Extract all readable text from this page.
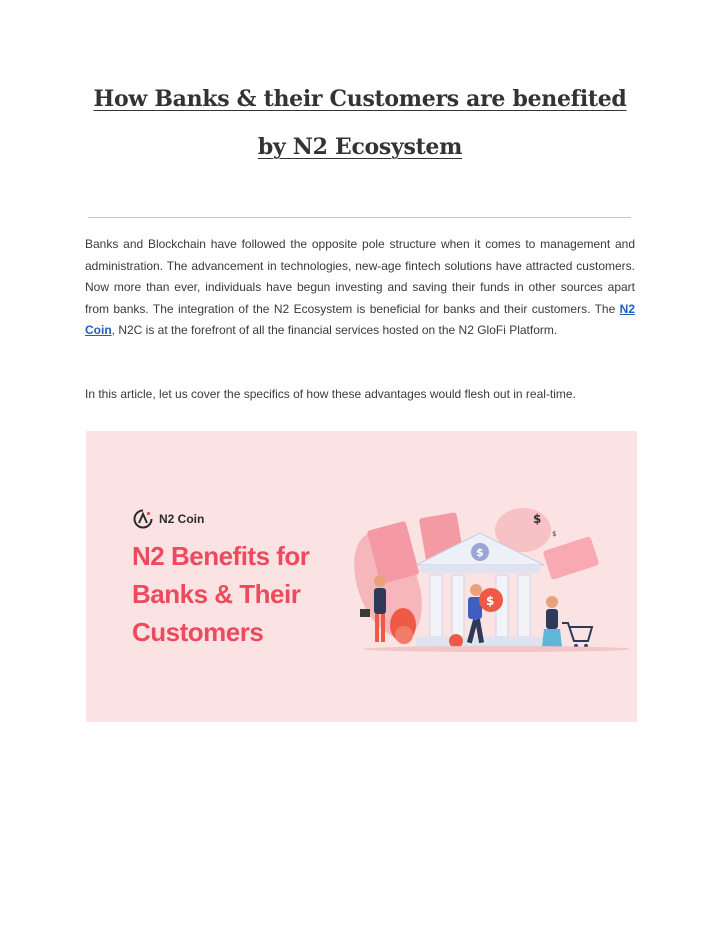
How Banks & their Customers are benefited
by N2 Ecosystem

Banks and Blockchain have followed the opposite pole structure when it comes to management and administration. The advancement in technologies, new-age fintech solutions have attracted customers. Now more than ever, individuals have begun investing and saving their funds in other sources apart from banks. The integration of the N2 Ecosystem is beneficial for banks and their customers. The N2 Coin, N2C is at the forefront of all the financial services hosted on the N2 GloFi Platform.

In this article, let us cover the specifics of how these advantages would flesh out in real-time.

N2 Coin

N2 Benefits for
Banks & Their
Customers

$
$
$
$
